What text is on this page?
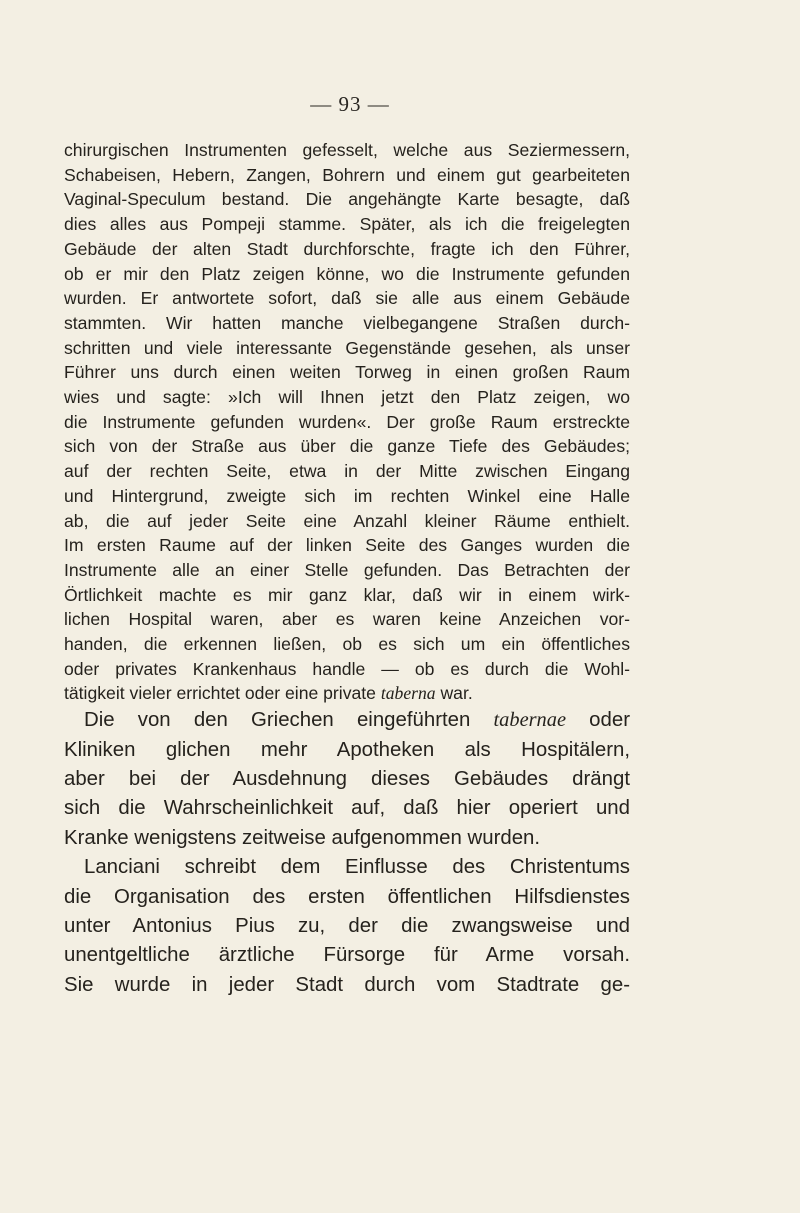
— 93 —
chirurgischen Instrumenten gefesselt, welche aus Seziermessern,
Schabeisen, Hebern, Zangen, Bohrern und einem gut gearbeiteten
Vaginal-Speculum bestand. Die angehängte Karte besagte, daß
dies alles aus Pompeji stamme. Später, als ich die freigelegten
Gebäude der alten Stadt durchforschte, fragte ich den Führer,
ob er mir den Platz zeigen könne, wo die Instrumente gefunden
wurden. Er antwortete sofort, daß sie alle aus einem Gebäude
stammten. Wir hatten manche vielbegangene Straßen durch-
schritten und viele interessante Gegenstände gesehen, als unser
Führer uns durch einen weiten Torweg in einen großen Raum
wies und sagte: »Ich will Ihnen jetzt den Platz zeigen, wo
die Instrumente gefunden wurden«. Der große Raum erstreckte
sich von der Straße aus über die ganze Tiefe des Gebäudes;
auf der rechten Seite, etwa in der Mitte zwischen Eingang
und Hintergrund, zweigte sich im rechten Winkel eine Halle
ab, die auf jeder Seite eine Anzahl kleiner Räume enthielt.
Im ersten Raume auf der linken Seite des Ganges wurden die
Instrumente alle an einer Stelle gefunden. Das Betrachten der
Örtlichkeit machte es mir ganz klar, daß wir in einem wirk-
lichen Hospital waren, aber es waren keine Anzeichen vor-
handen, die erkennen ließen, ob es sich um ein öffentliches
oder privates Krankenhaus handle — ob es durch die Wohl-
tätigkeit vieler errichtet oder eine private taberna war.
Die von den Griechen eingeführten tabernae oder
Kliniken glichen mehr Apotheken als Hospitälern,
aber bei der Ausdehnung dieses Gebäudes drängt
sich die Wahrscheinlichkeit auf, daß hier operiert und
Kranke wenigstens zeitweise aufgenommen wurden.
Lanciani schreibt dem Einflusse des Christentums
die Organisation des ersten öffentlichen Hilfsdienstes
unter Antonius Pius zu, der die zwangsweise und
unentgeltliche ärztliche Fürsorge für Arme vorsah.
Sie wurde in jeder Stadt durch vom Stadtrate ge-
